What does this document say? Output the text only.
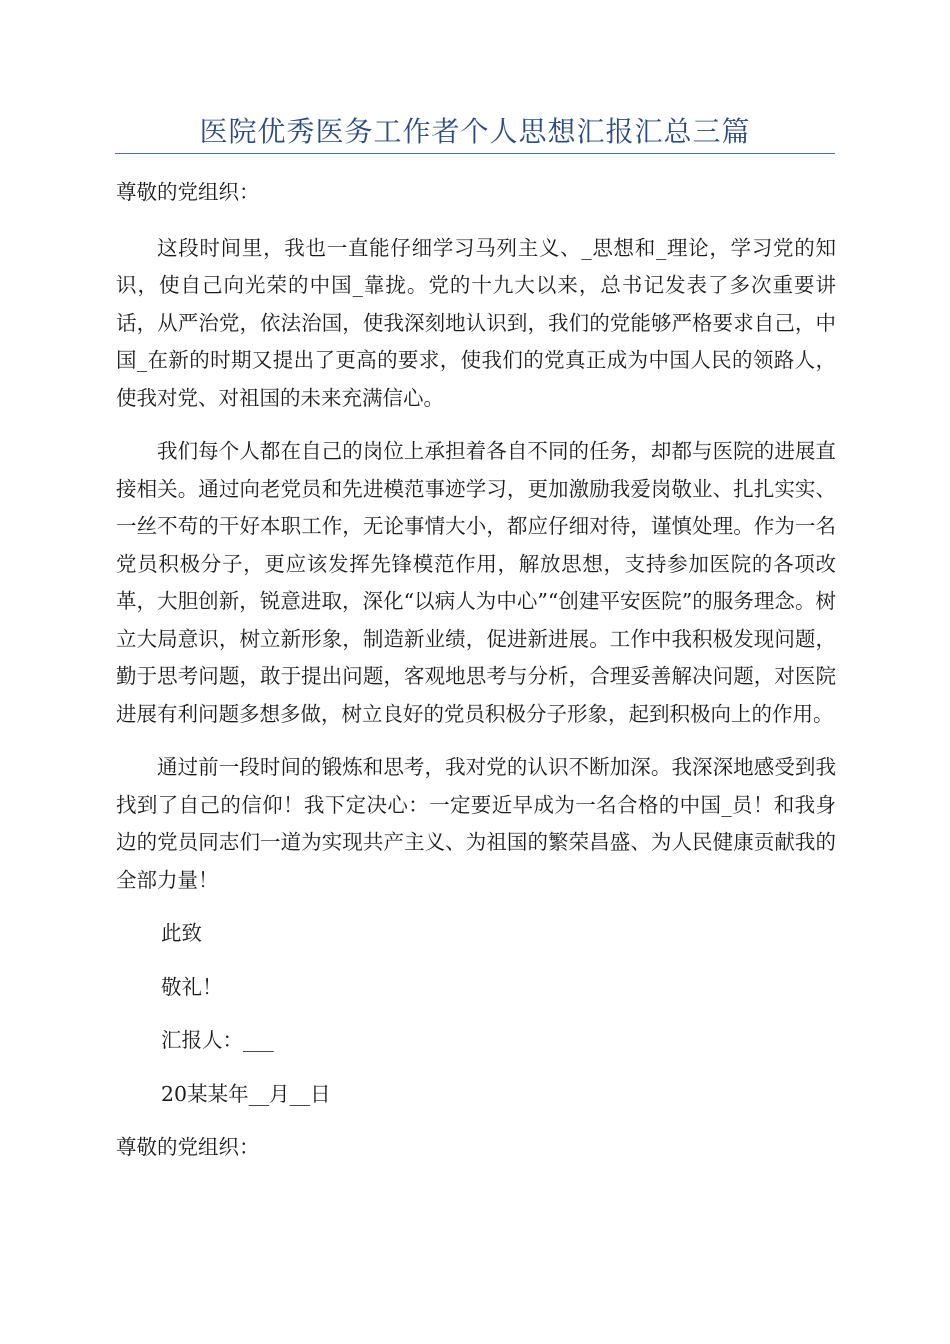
医院优秀医务工作者个人思想汇报汇总三篇

尊敬的党组织：

这段时间里，我也一直能仔细学习马列主义、_思想和_理论，学习党的知识，使自己向光荣的中国_靠拢。党的十九大以来，总书记发表了多次重要讲话，从严治党，依法治国，使我深刻地认识到，我们的党能够严格要求自己，中国_在新的时期又提出了更高的要求，使我们的党真正成为中国人民的领路人，使我对党、对祖国的未来充满信心。

我们每个人都在自己的岗位上承担着各自不同的任务，却都与医院的进展直接相关。通过向老党员和先进模范事迹学习，更加激励我爱岗敬业、扎扎实实、一丝不苟的干好本职工作，无论事情大小，都应仔细对待，谨慎处理。作为一名党员积极分子，更应该发挥先锋模范作用，解放思想，支持参加医院的各项改革，大胆创新，锐意进取，深化“以病人为中心”“创建平安医院”的服务理念。树立大局意识，树立新形象，制造新业绩，促进新进展。工作中我积极发现问题，勤于思考问题，敢于提出问题，客观地思考与分析，合理妥善解决问题，对医院进展有利问题多想多做，树立良好的党员积极分子形象，起到积极向上的作用。

通过前一段时间的锻炼和思考，我对党的认识不断加深。我深深地感受到我找到了自己的信仰！我下定决心：一定要近早成为一名合格的中国_员！和我身边的党员同志们一道为实现共产主义、为祖国的繁荣昌盛、为人民健康贡献我的全部力量！

此致

敬礼！

汇报人：___

20某某年__月__日

尊敬的党组织：
